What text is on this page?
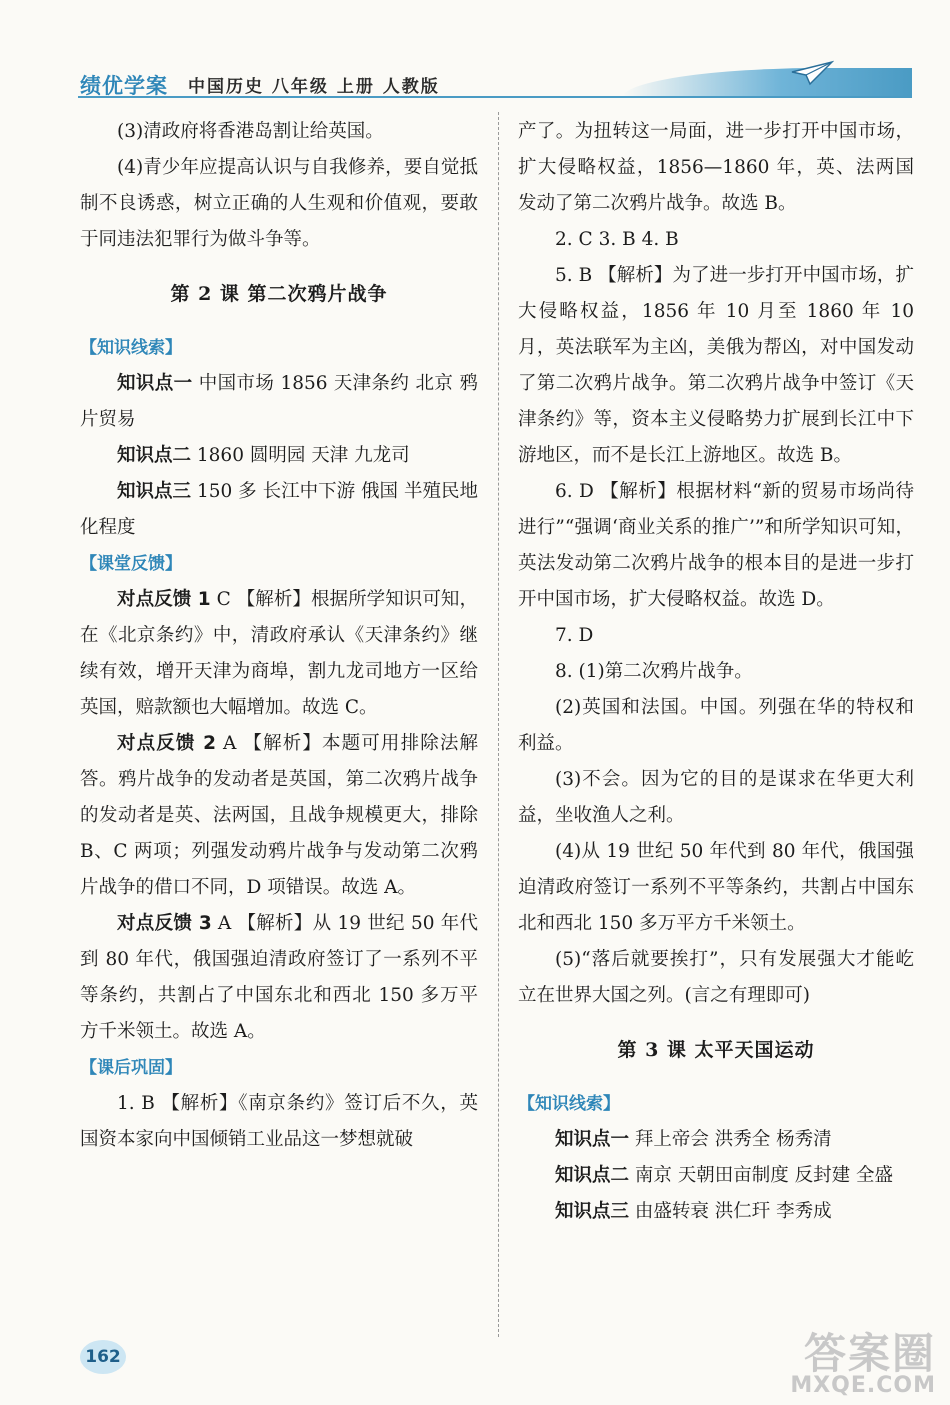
绩优学案 中国历史 八年级 上册 人教版

(3)清政府将香港岛割让给英国。

(4)青少年应提高认识与自我修养，要自觉抵制不良诱惑，树立正确的人生观和价值观，要敢于同违法犯罪行为做斗争等。

第 2 课 第二次鸦片战争

【知识线索】

知识点一 中国市场 1856 天津条约 北京 鸦片贸易

知识点二 1860 圆明园 天津 九龙司

知识点三 150 多 长江中下游 俄国 半殖民地化程度

【课堂反馈】

对点反馈 1 C 【解析】根据所学知识可知，在《北京条约》中，清政府承认《天津条约》继续有效，增开天津为商埠，割九龙司地方一区给英国，赔款额也大幅增加。故选 C。

对点反馈 2 A 【解析】本题可用排除法解答。鸦片战争的发动者是英国，第二次鸦片战争的发动者是英、法两国，且战争规模更大，排除 B、C 两项；列强发动鸦片战争与发动第二次鸦片战争的借口不同，D 项错误。故选 A。

对点反馈 3 A 【解析】从 19 世纪 50 年代到 80 年代，俄国强迫清政府签订了一系列不平等条约，共割占了中国东北和西北 150 多万平方千米领土。故选 A。

【课后巩固】

1. B 【解析】《南京条约》签订后不久，英国资本家向中国倾销工业品这一梦想就破

产了。为扭转这一局面，进一步打开中国市场，扩大侵略权益，1856—1860 年，英、法两国发动了第二次鸦片战争。故选 B。

2. C 3. B 4. B

5. B 【解析】为了进一步打开中国市场，扩大侵略权益，1856 年 10 月至 1860 年 10 月，英法联军为主凶，美俄为帮凶，对中国发动了第二次鸦片战争。第二次鸦片战争中签订《天津条约》等，资本主义侵略势力扩展到长江中下游地区，而不是长江上游地区。故选 B。

6. D 【解析】根据材料“新的贸易市场尚待进行”“强调‘商业关系的推广’”和所学知识可知，英法发动第二次鸦片战争的根本目的是进一步打开中国市场，扩大侵略权益。故选 D。

7. D

8. (1)第二次鸦片战争。

(2)英国和法国。中国。列强在华的特权和利益。

(3)不会。因为它的目的是谋求在华更大利益，坐收渔人之利。

(4)从 19 世纪 50 年代到 80 年代，俄国强迫清政府签订一系列不平等条约，共割占中国东北和西北 150 多万平方千米领土。

(5)“落后就要挨打”，只有发展强大才能屹立在世界大国之列。(言之有理即可)

第 3 课 太平天国运动

【知识线索】

知识点一 拜上帝会 洪秀全 杨秀清

知识点二 南京 天朝田亩制度 反封建 全盛

知识点三 由盛转衰 洪仁玕 李秀成

162	答案圈
MXQE.COM
